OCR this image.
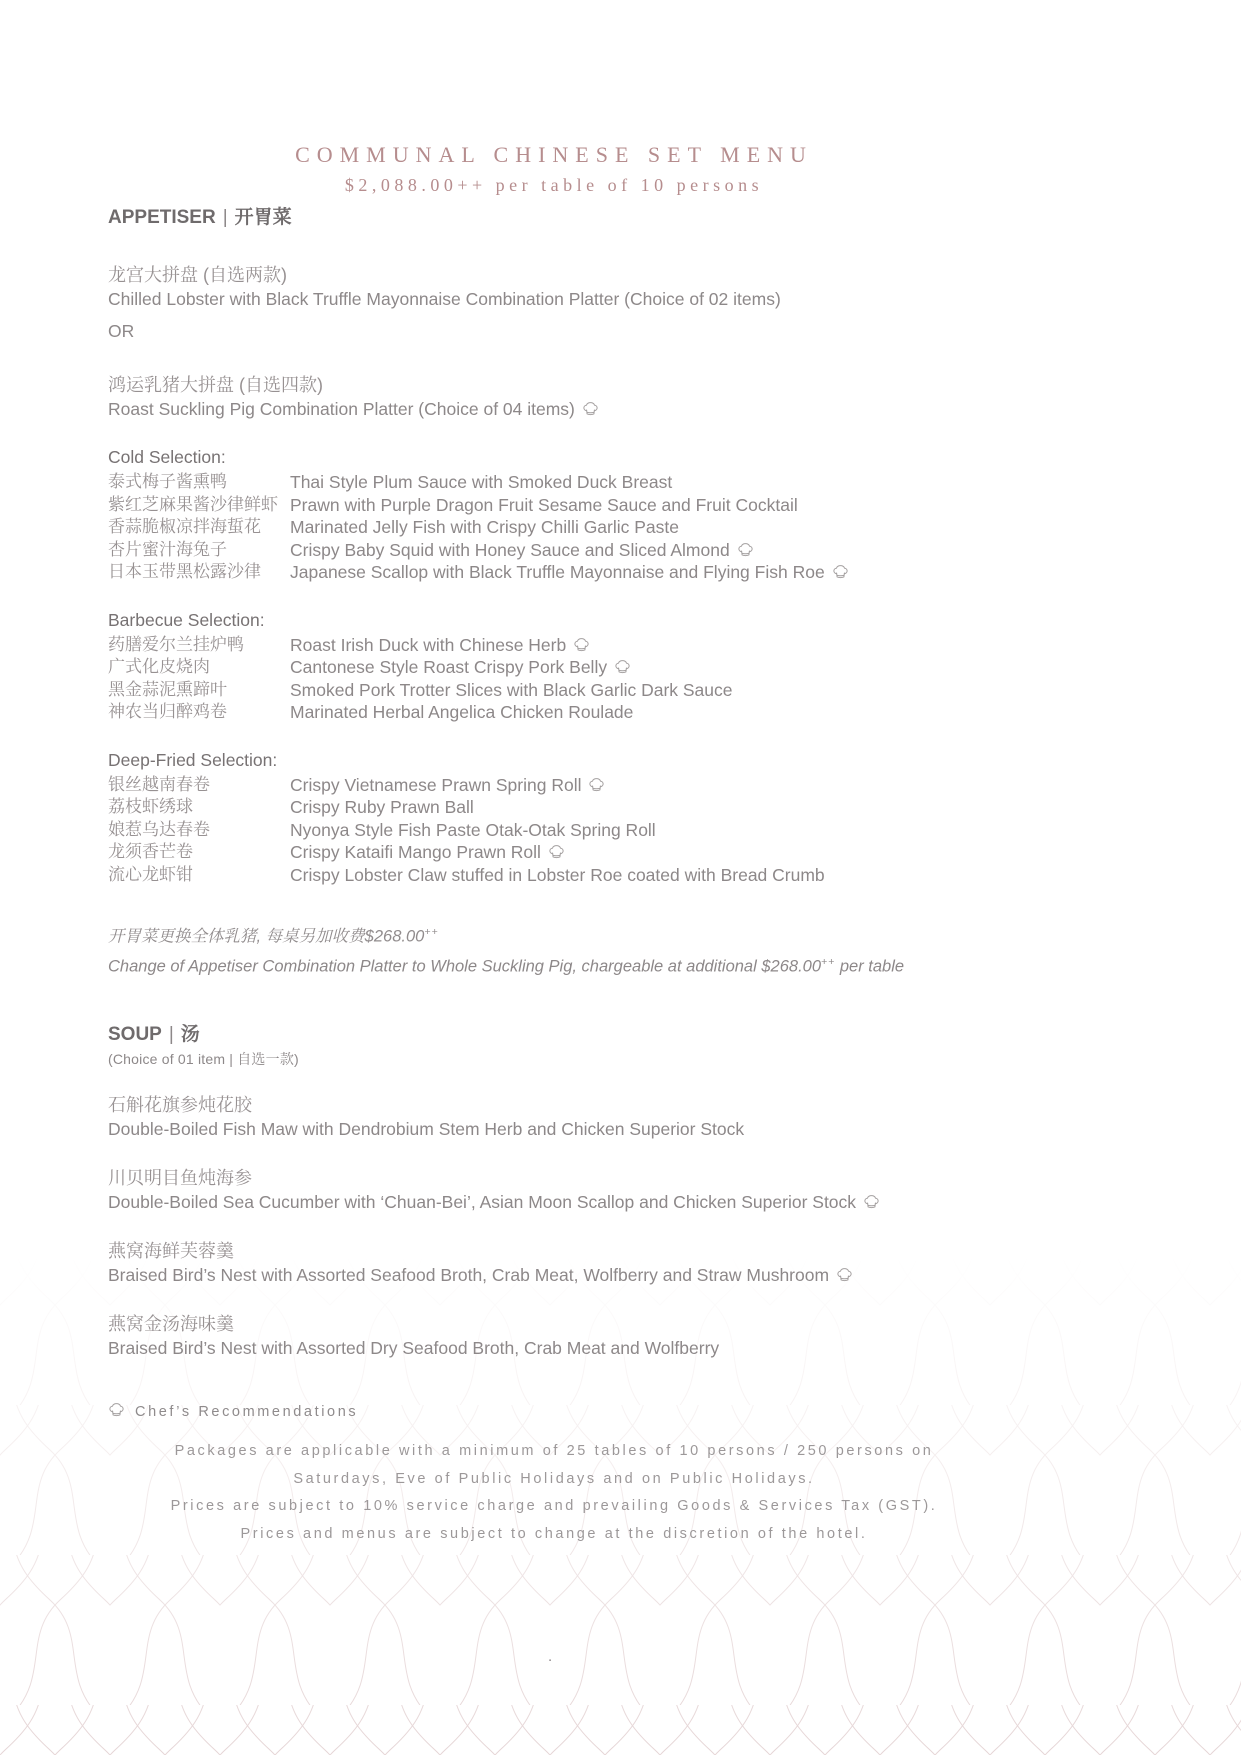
COMMUNAL CHINESE SET MENU
$2,088.00++ per table of 10 persons
APPETISER | 开胃菜
龙宫大拼盘 (自选两款)
Chilled Lobster with Black Truffle Mayonnaise Combination Platter (Choice of 02 items)
OR
鸿运乳猪大拼盘 (自选四款)
Roast Suckling Pig Combination Platter (Choice of 04 items)
Cold Selection:
泰式梅子酱熏鸭	Thai Style Plum Sauce with Smoked Duck Breast
紫红芝麻果酱沙律鲜虾 Prawn with Purple Dragon Fruit Sesame Sauce and Fruit Cocktail
香蒜脆椒凉拌海蜇花	Marinated Jelly Fish with Crispy Chilli Garlic Paste
杏片蜜汁海兔子	Crispy Baby Squid with Honey Sauce and Sliced Almond
日本玉带黑松露沙律	Japanese Scallop with Black Truffle Mayonnaise and Flying Fish Roe
Barbecue Selection:
药膳爱尔兰挂炉鸭	Roast Irish Duck with Chinese Herb
广式化皮烧肉	Cantonese Style Roast Crispy Pork Belly
黑金蒜泥熏蹄叶	Smoked Pork Trotter Slices with Black Garlic Dark Sauce
神农当归醉鸡卷	Marinated Herbal Angelica Chicken Roulade
Deep-Fried Selection:
银丝越南春卷	Crispy Vietnamese Prawn Spring Roll
荔枝虾绣球	Crispy Ruby Prawn Ball
娘惹乌达春卷	Nyonya Style Fish Paste Otak-Otak Spring Roll
龙须香芒卷	Crispy Kataifi Mango Prawn Roll
流心龙虾钳	Crispy Lobster Claw stuffed in Lobster Roe coated with Bread Crumb
开胃菜更换全体乳猪, 每桌另加收费$268.00++
Change of Appetiser Combination Platter to Whole Suckling Pig, chargeable at additional $268.00++ per table
SOUP | 汤
(Choice of 01 item | 自选一款)
石斛花旗参炖花胶
Double-Boiled Fish Maw with Dendrobium Stem Herb and Chicken Superior Stock
川贝明目鱼炖海参
Double-Boiled Sea Cucumber with ‘Chuan-Bei’, Asian Moon Scallop and Chicken Superior Stock
燕窝海鲜芙蓉羹
Braised Bird’s Nest with Assorted Seafood Broth, Crab Meat, Wolfberry and Straw Mushroom
燕窝金汤海味羹
Braised Bird’s Nest with Assorted Dry Seafood Broth, Crab Meat and Wolfberry
Chef’s Recommendations
Packages are applicable with a minimum of 25 tables of 10 persons / 250 persons on
Saturdays, Eve of Public Holidays and on Public Holidays.
Prices are subject to 10% service charge and prevailing Goods & Services Tax (GST).
Prices and menus are subject to change at the discretion of the hotel.
.
